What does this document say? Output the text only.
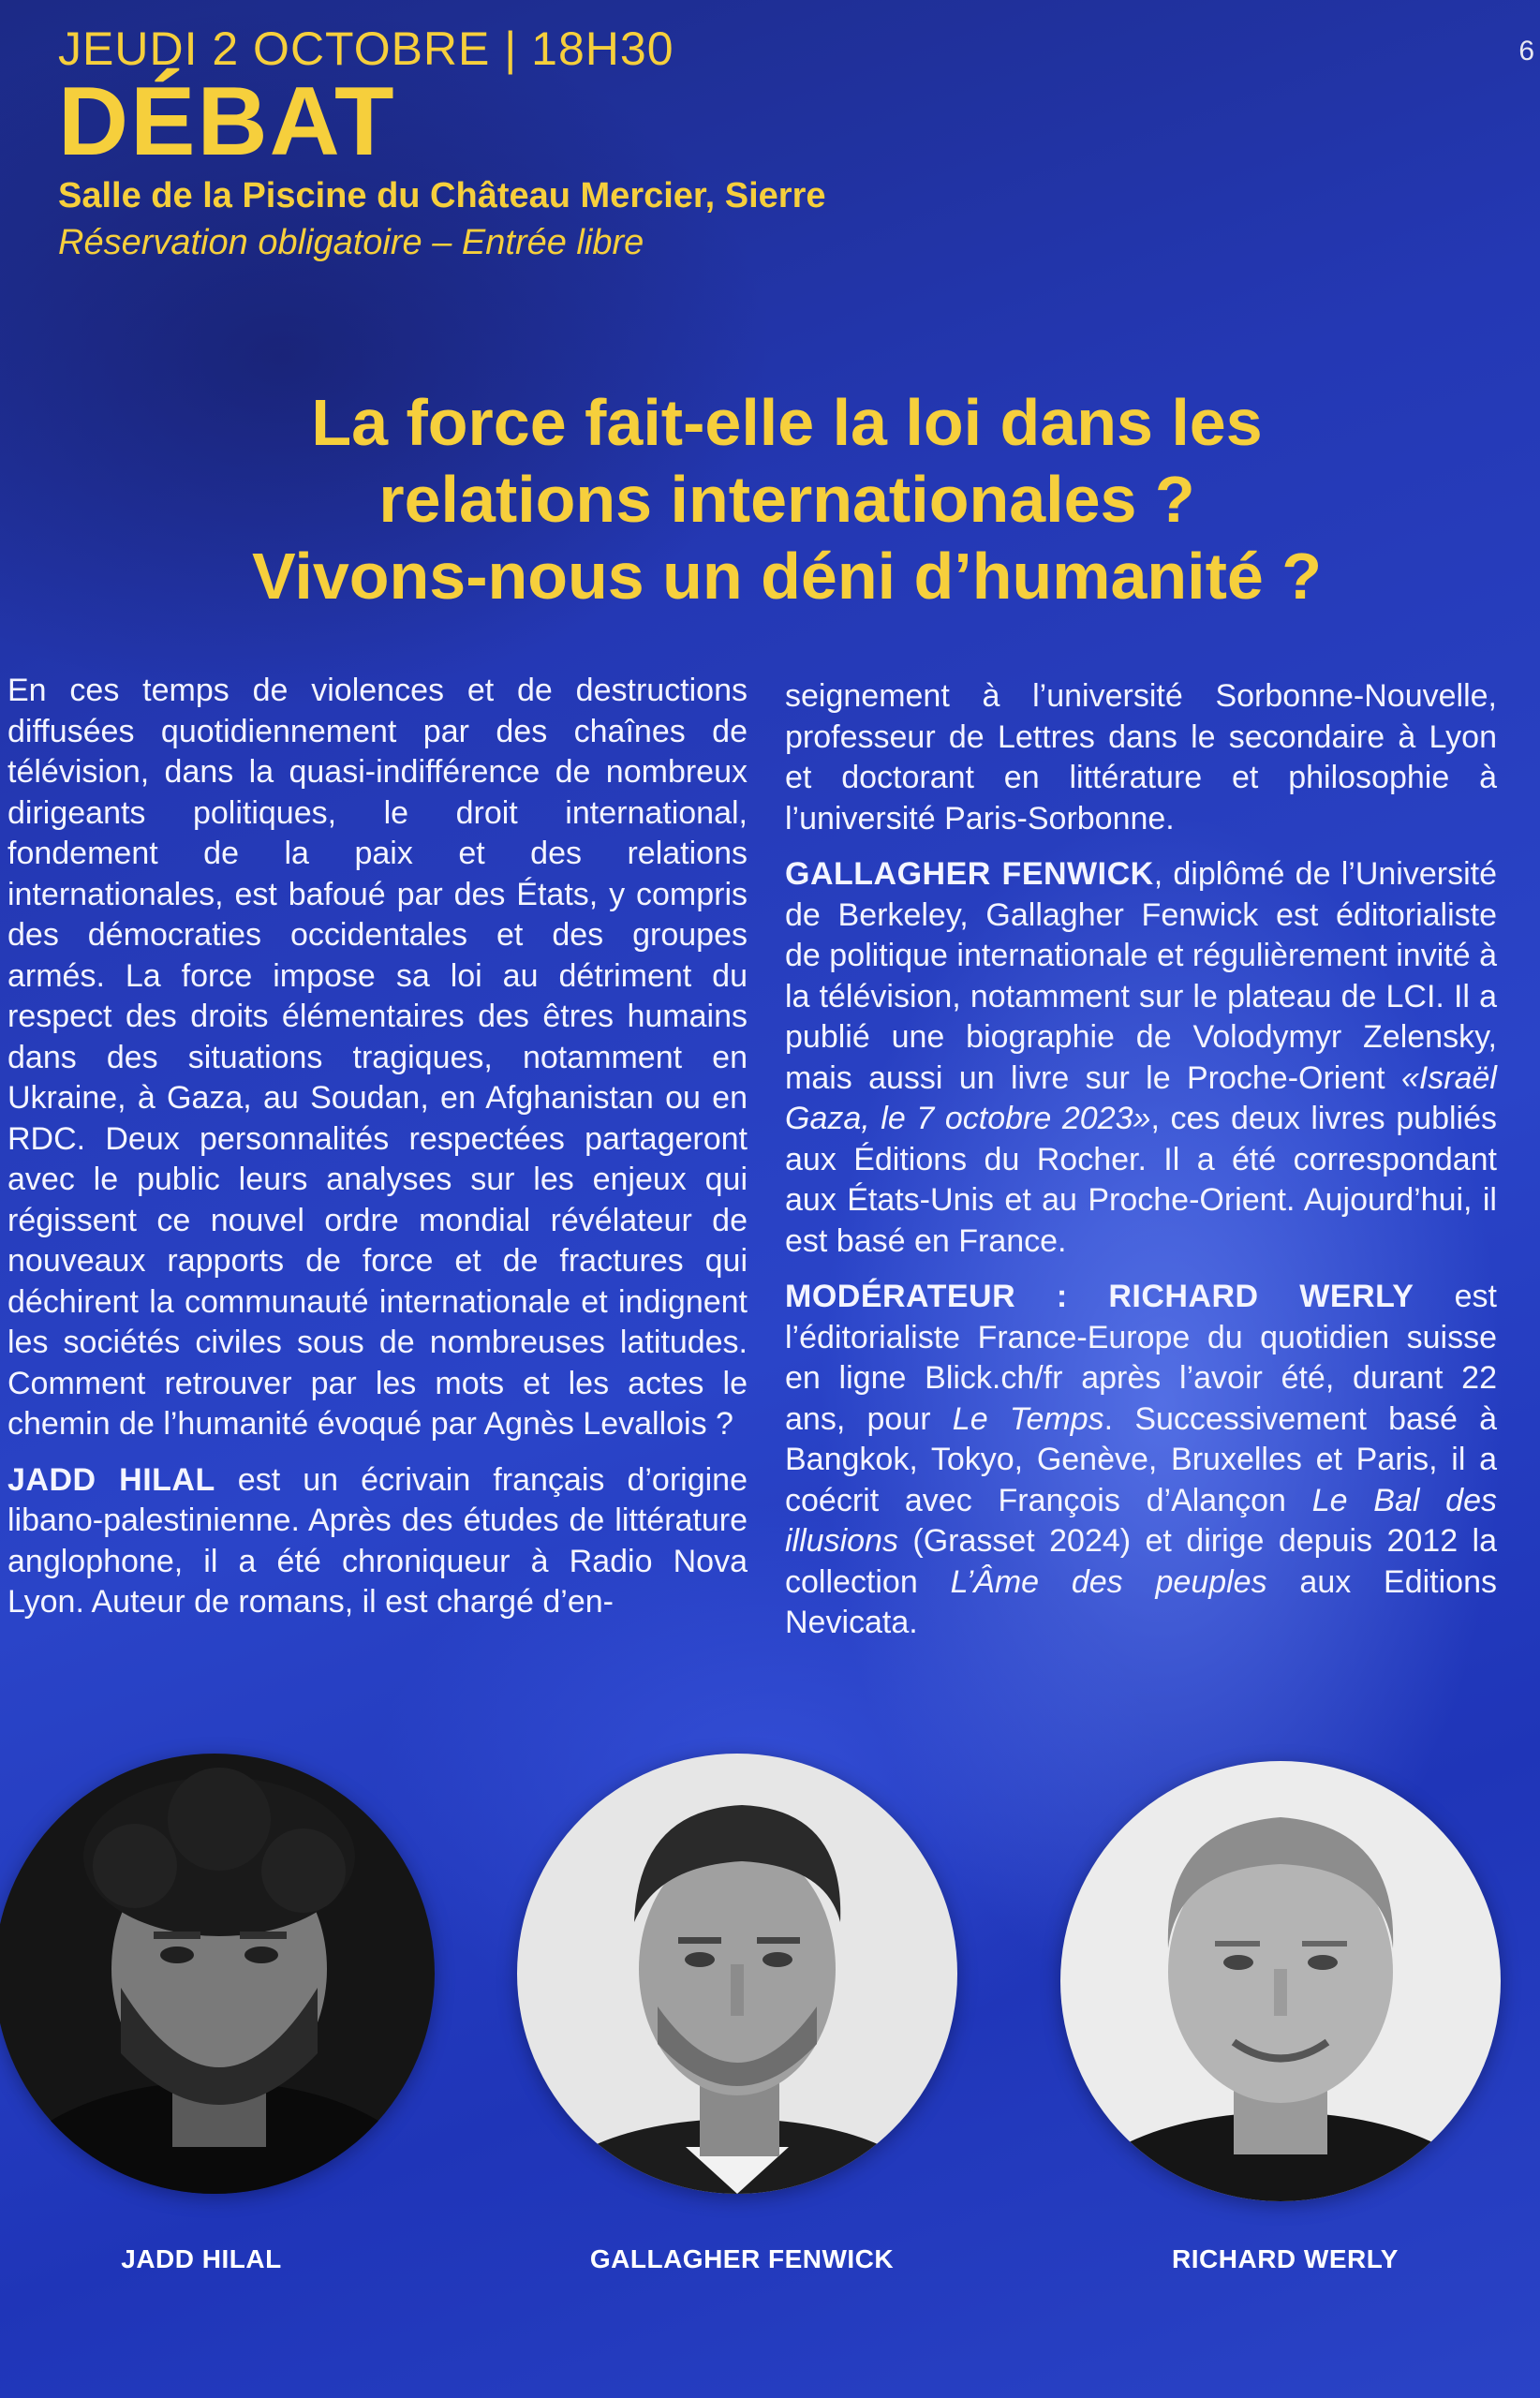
6
JEUDI 2 OCTOBRE | 18H30
DÉBAT
Salle de la Piscine du Château Mercier, Sierre
Réservation obligatoire – Entrée libre
La force fait-elle la loi dans les
relations internationales ?
Vivons-nous un déni d’humanité ?

En ces temps de violences et de destructions diffusées quotidiennement par des chaînes de télévision, dans la quasi-indifférence de nombreux dirigeants politiques, le droit international, fondement de la paix et des relations internationales, est bafoué par des États, y compris des démocraties occidentales et des groupes armés. La force impose sa loi au détriment du respect des droits élémentaires des êtres humains dans des situations tragiques, notamment en Ukraine, à Gaza, au Soudan, en Afghanistan ou en RDC. Deux personnalités respectées partageront avec le public leurs analyses sur les enjeux qui régissent ce nouvel ordre mondial révélateur de nouveaux rapports de force et de fractures qui déchirent la communauté internationale et indignent les sociétés civiles sous de nombreuses latitudes. Comment retrouver par les mots et les actes le chemin de l’humanité évoqué par Agnès Levallois ?

JADD HILAL est un écrivain français d’origine libano-palestinienne. Après des études de littérature anglophone, il a été chroniqueur à Radio Nova Lyon. Auteur de romans, il est chargé d’en-

seignement à l’université Sorbonne-Nouvelle, professeur de Lettres dans le secondaire à Lyon et doctorant en littérature et philosophie à l’université Paris-Sorbonne.

GALLAGHER FENWICK, diplômé de l’Université de Berkeley, Gallagher Fenwick est éditorialiste de politique internationale et régulièrement invité à la télévision, notamment sur le plateau de LCI. Il a publié une biographie de Volodymyr Zelensky, mais aussi un livre sur le Proche-Orient «Israël Gaza, le 7 octobre 2023», ces deux livres publiés aux Éditions du Rocher. Il a été correspondant aux États-Unis et au Proche-Orient. Aujourd’hui, il est basé en France.

MODÉRATEUR : RICHARD WERLY est l’éditorialiste France-Europe du quotidien suisse en ligne Blick.ch/fr après l’avoir été, durant 22 ans, pour Le Temps. Successivement basé à Bangkok, Tokyo, Genève, Bruxelles et Paris, il a coécrit avec François d’Alançon Le Bal des illusions (Grasset 2024) et dirige depuis 2012 la collection L’Âme des peuples aux Editions Nevicata.

JADD HILAL	GALLAGHER FENWICK	RICHARD WERLY
